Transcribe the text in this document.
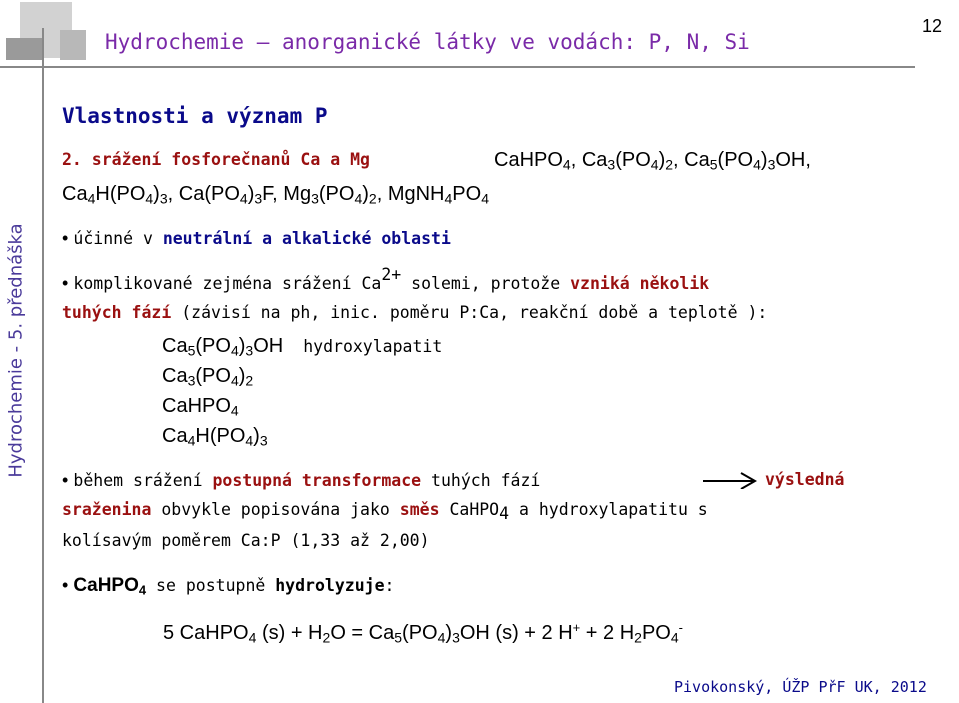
Hydrochemie - 5. přednáška
Hydrochemie – anorganické látky ve vodách: P, N, Si
12
Vlastnosti a význam P
2. srážení fosforečnanů Ca a Mg	CaHPO$_4$, $Ca_3(PO_4)_2$, $Ca_5(PO_4)_3OH$,
$Ca_4H(PO_4)_3$, $Ca(PO_4)_3F$, $Mg_3(PO_4)_2$, $MgNH_4PO_4$
• účinné v neutrální a alkalické oblasti
• komplikované zejména srážení $Ca^{2+}$ solemi, protože vzniká několik
tuhých fází (závisí na ph, inic. poměru P:Ca, reakční době a teplotě ):
$Ca_5(PO_4)_3OH$ hydroxylapatit
$Ca_3(PO_4)_2$
CaHPO$_4$
$Ca_4H(PO_4)_3$
• během srážení postupná transformace tuhých fází	výsledná
sraženina obvykle popisována jako směs CaHPO$_4$ a hydroxylapatitu s
kolísavým poměrem Ca:P (1,33 až 2,00)
• CaHPO$_4$ se postupně hydrolyzuje:
5 CaHPO$_4$ $(s) + H_2O = Ca_5(PO_4)_3OH$ (s) + 2 H+ + 2 $H_2PO_4^-$
Pivokonský, ÚŽP PřF UK, 2012
